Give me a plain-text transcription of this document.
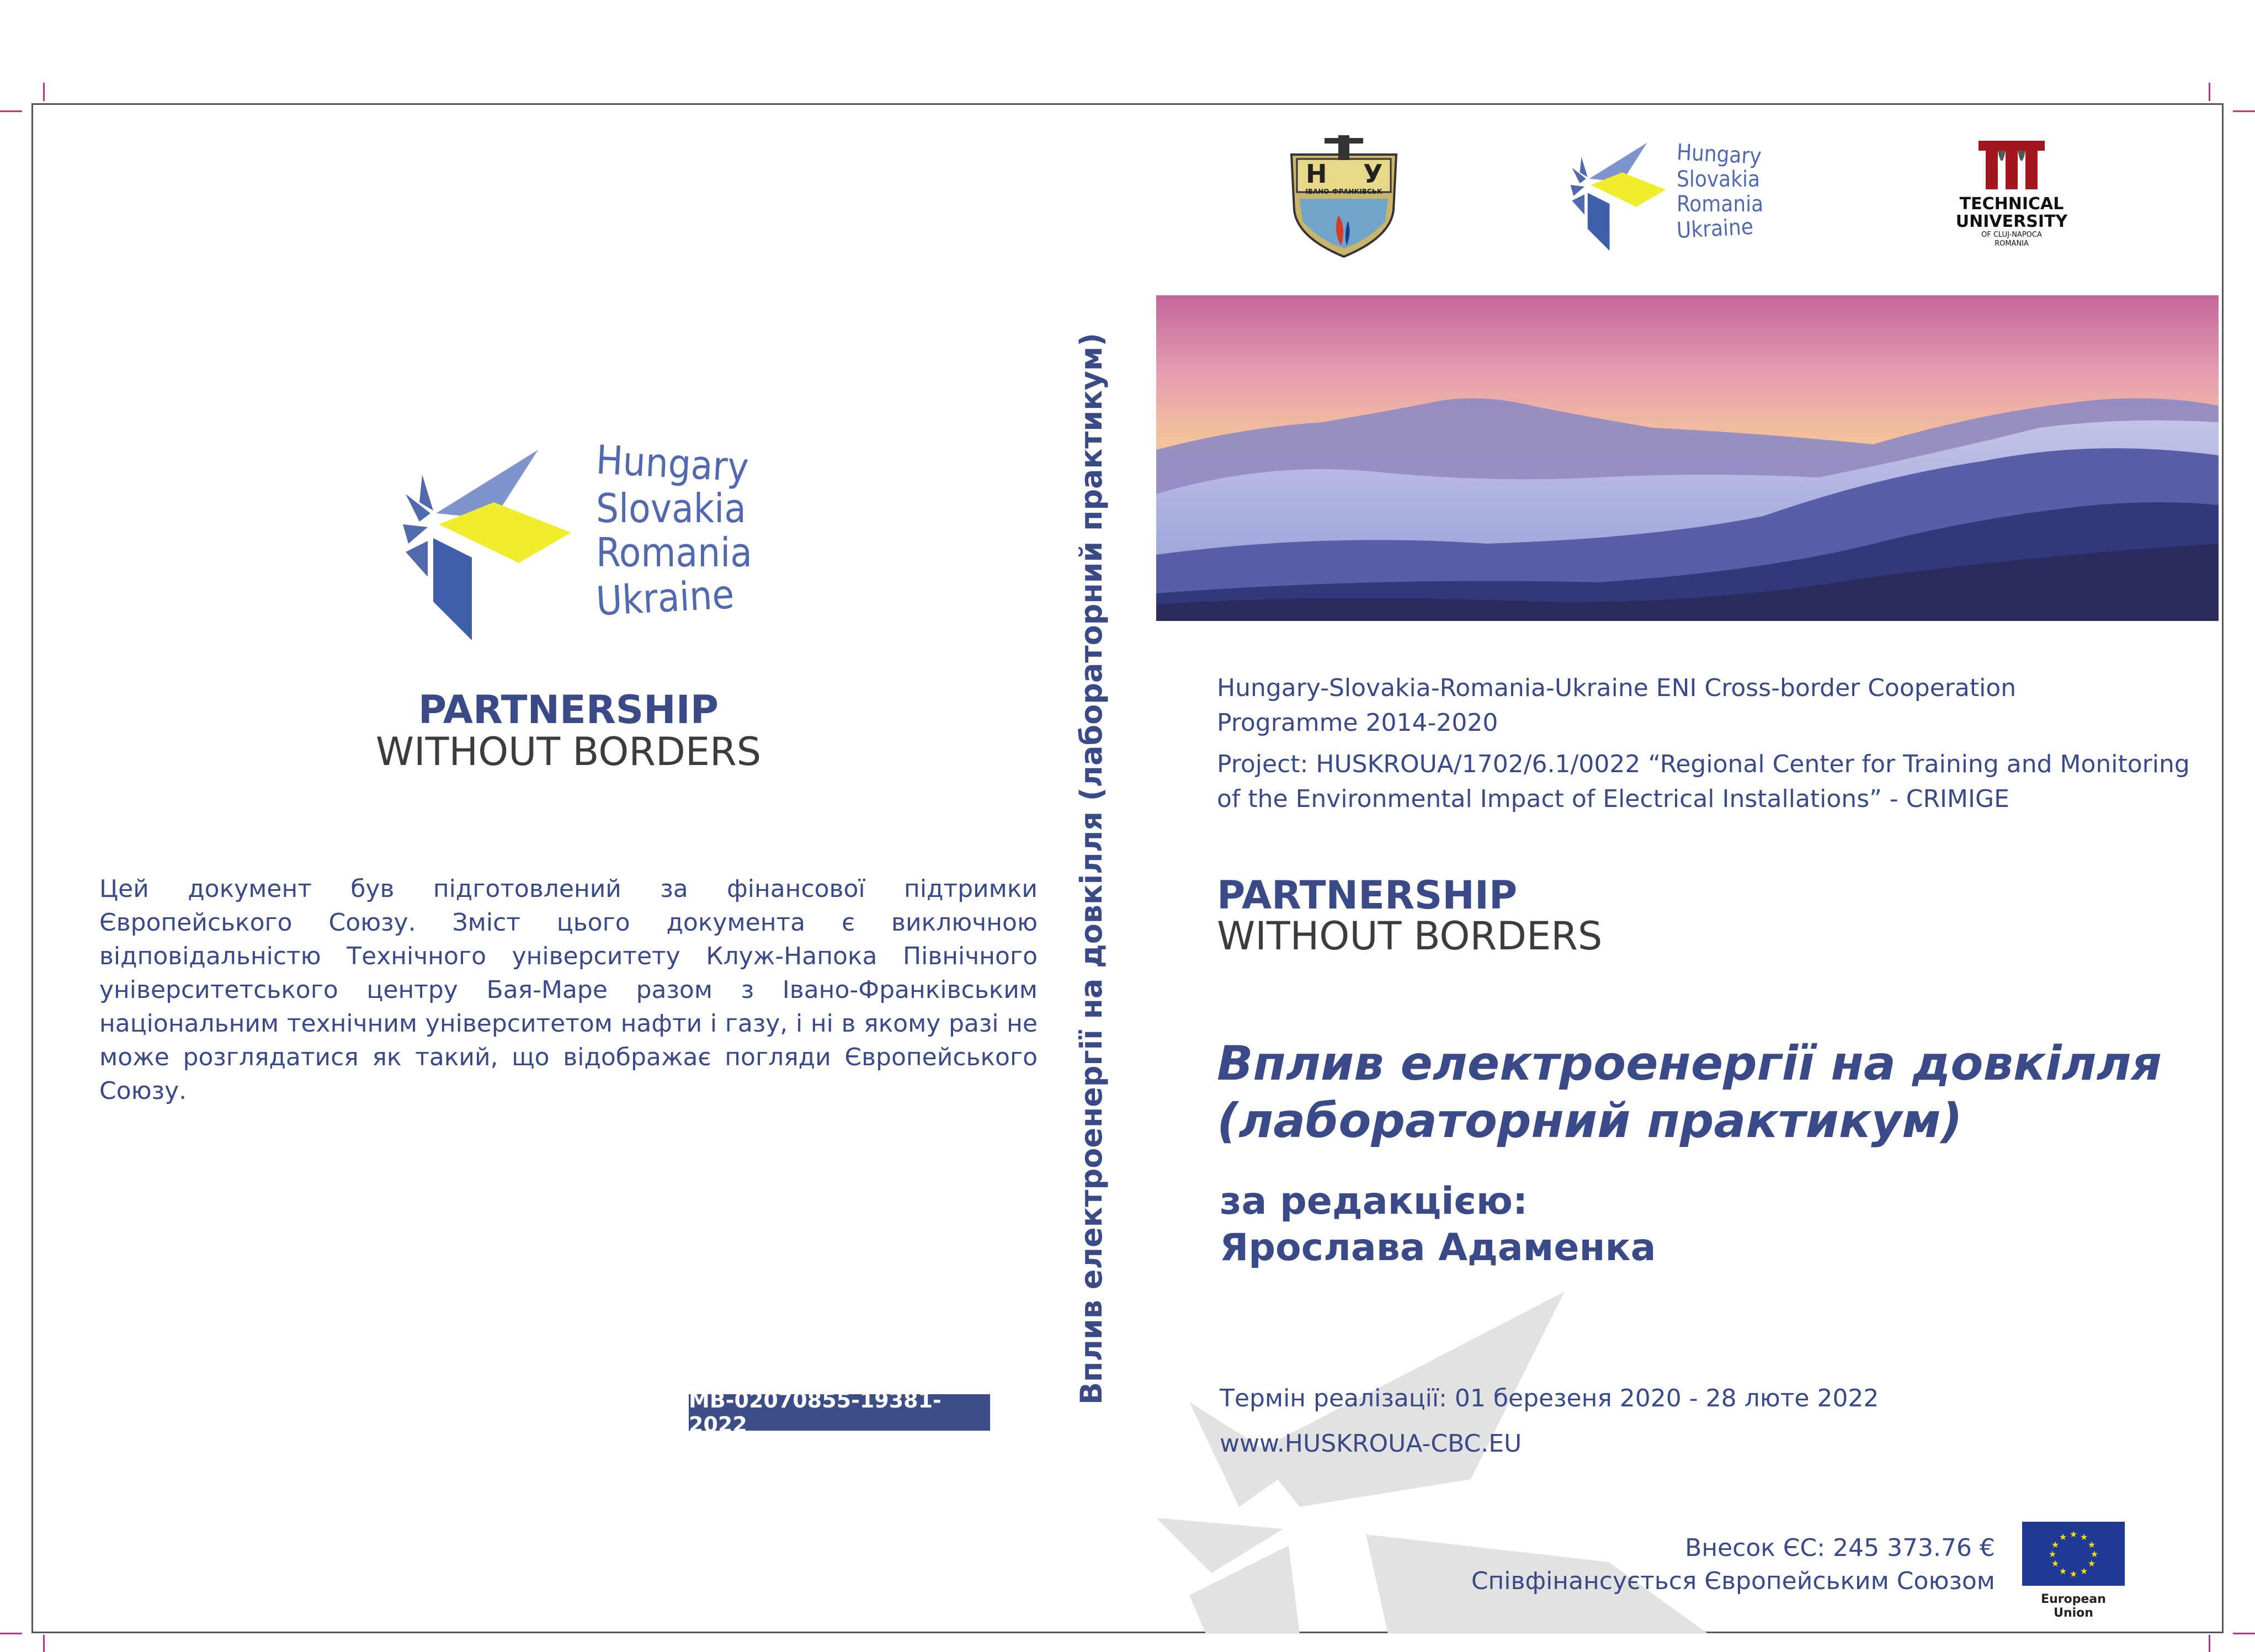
Hungary
Slovakia
Romania
Ukraine
PARTNERSHIP
WITHOUT BORDERS
Цей документ був підготовлений за фінансової підтримки Європейського Союзу. Зміст цього документа є виключною відповідальністю Технічного університету Клуж-Напока Північного університетського центру Бая-Маре разом з Івано-Франківським національним технічним університетом нафти і газу, і ні в якому разі не може розглядатися як такий, що відображає погляди Європейського Союзу.
МВ-02070855-19381-2022
Вплив електроенергії на довкілля (лабораторний практикум)
Н У
ІВАНО-ФРАНКІВСЬК
Hungary
Slovakia
Romania
Ukraine
TECHNICAL
UNIVERSITY
OF CLUJ-NAPOCA
ROMANIA
Hungary-Slovakia-Romania-Ukraine ENI Cross-border Cooperation
Programme 2014-2020
Project: HUSKROUA/1702/6.1/0022 “Regional Center for Training and Monitoring
of the Environmental Impact of Electrical Installations” - CRIMIGE
PARTNERSHIP
WITHOUT BORDERS
Вплив електроенергії на довкілля
(лабораторний практикум)
за редакцією:
Ярослава Адаменка
Термін реалізації: 01 березеня 2020 - 28 люте 2022
www.HUSKROUA-CBC.EU
Внесок ЄС: 245 373.76 €
Співфінансується Європейським Союзом
★ ★
★
★
★
★
★
★
★
★
★
★
European Union
